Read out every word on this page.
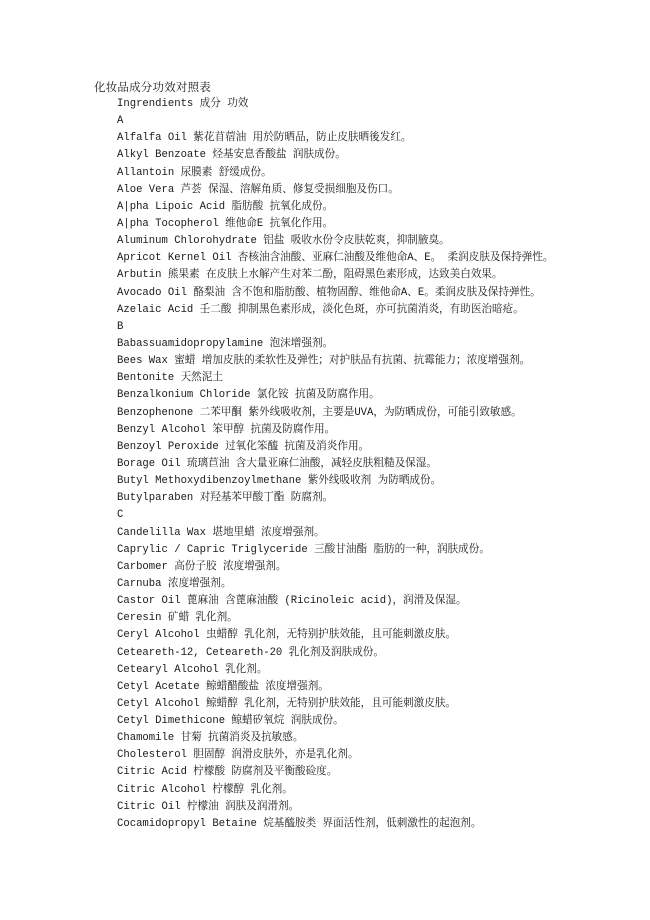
化妆品成分功效对照表
Ingrendients 成分 功效
A
Alfalfa Oil 紫花苜蓿油 用於防晒品，防止皮肤晒後发红。
Alkyl Benzoate 烃基安息香酸盐 润肤成份。
Allantoin 尿膜素 舒缓成份。
Aloe Vera 芦荟 保湿、溶解角质、修复受损细胞及伤口。
A|pha Lipoic Acid 脂肪酸 抗氧化成份。
A|pha Tocopherol 维他命E 抗氧化作用。
Aluminum Chlorohydrate 铝盐 吸收水份令皮肤乾爽，抑制腋臭。
Apricot Kernel Oil 杏核油含油酸、亚麻仁油酸及维他命A、E。 柔润皮肤及保持弹性。
Arbutin 熊果素 在皮肤上水解产生对苯二酚，阻碍黑色素形成，达致美白效果。
Avocado Oil 酪梨油 含不饱和脂肪酸、植物固醇、维他命A、E。柔润皮肤及保持弹性。
Azelaic Acid 壬二酸 抑制黑色素形成，淡化色斑，亦可抗菌消炎，有助医治暗疮。
B
Babassuamidopropylamine 泡沫增强剂。
Bees Wax 蜜蜡 增加皮肤的柔软性及弹性；对护肤品有抗菌、抗霉能力；浓度增强剂。
Bentonite 天然泥土
Benzalkonium Chloride 氯化铵 抗菌及防腐作用。
Benzophenone 二苯甲酮 紫外线吸收剂，主要是UVA，为防晒成份，可能引致敏感。
Benzyl Alcohol 笨甲醇 抗菌及防腐作用。
Benzoyl Peroxide 过氧化笨醯 抗菌及消炎作用。
Borage Oil 琉璃苣油 含大量亚麻仁油酸，减轻皮肤粗糙及保湿。
Butyl Methoxydibenzoylmethane 紫外线吸收剂 为防晒成份。
Butylparaben 对羟基苯甲酸丁酯 防腐剂。
C
Candelilla Wax 堪地里蜡 浓度增强剂。
Caprylic / Capric Triglyceride 三酸甘油酯 脂肪的一种，润肤成份。
Carbomer 高份子胶 浓度增强剂。
Carnuba 浓度增强剂。
Castor Oil 蓖麻油 含蓖麻油酸 (Ricinoleic acid)，润滑及保湿。
Ceresin 矿蜡 乳化剂。
Ceryl Alcohol 虫蜡醇 乳化剂，无特别护肤效能，且可能刺激皮肤。
Ceteareth-12, Ceteareth-20 乳化剂及润肤成份。
Cetearyl Alcohol 乳化剂。
Cetyl Acetate 鲸蜡醋酸盐 浓度增强剂。
Cetyl Alcohol 鲸蜡醇 乳化剂，无特别护肤效能，且可能刺激皮肤。
Cetyl Dimethicone 鲸蜡矽氧烷 润肤成份。
Chamomile 甘菊 抗菌消炎及抗敏感。
Cholesterol 胆固醇 润滑皮肤外，亦是乳化剂。
Citric Acid 柠檬酸 防腐剂及平衡酸硷度。
Citric Alcohol 柠檬醇 乳化剂。
Citric Oil 柠檬油 润肤及润滑剂。
Cocamidopropyl Betaine 烷基醯胺类 界面活性剂，低刺激性的起泡剂。
